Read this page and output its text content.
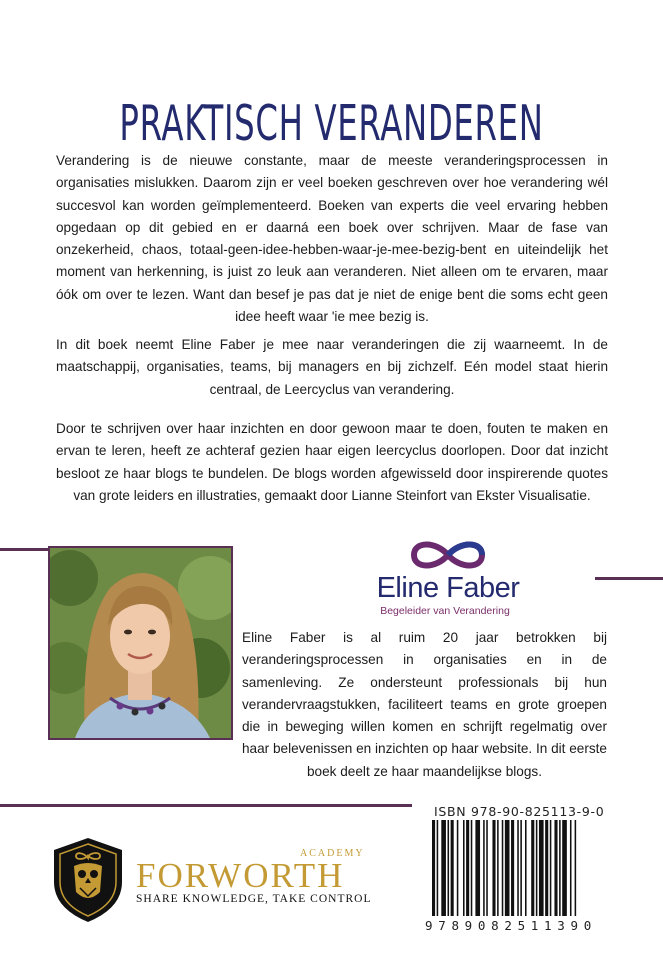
PRAKTISCH VERANDEREN

Verandering is de nieuwe constante, maar de meeste veranderingsprocessen in organisaties mislukken. Daarom zijn er veel boeken geschreven over hoe verandering wél succesvol kan worden geïmplementeerd. Boeken van experts die veel ervaring hebben opgedaan op dit gebied en er daarná een boek over schrijven. Maar de fase van onzekerheid, chaos, totaal-geen-idee-hebben-waar-je-mee-bezig-bent en uiteindelijk het moment van herkenning, is juist zo leuk aan veranderen. Niet alleen om te ervaren, maar óók om over te lezen. Want dan besef je pas dat je niet de enige bent die soms echt geen idee heeft waar 'ie mee bezig is.

In dit boek neemt Eline Faber je mee naar veranderingen die zij waarneemt. In de maatschappij, organisaties, teams, bij managers en bij zichzelf. Eén model staat hierin centraal, de Leercyclus van verandering.

Door te schrijven over haar inzichten en door gewoon maar te doen, fouten te maken en ervan te leren, heeft ze achteraf gezien haar eigen leercyclus doorlopen. Door dat inzicht besloot ze haar blogs te bundelen. De blogs worden afgewisseld door inspirerende quotes van grote leiders en illustraties, gemaakt door Lianne Steinfort van Ekster Visualisatie.

Eline Faber
Begeleider van Verandering

Eline Faber is al ruim 20 jaar betrokken bij veranderingsprocessen in organisaties en in de samenleving. Ze ondersteunt professionals bij hun verandervraagstukken, faciliteert teams en grote groepen die in beweging willen komen en schrijft regelmatig over haar belevenissen en inzichten op haar website. In dit eerste boek deelt ze haar maandelijkse blogs.

ISBN 978-90-825113-9-0
9789082511390
ACADEMY
FORWORTH
SHARE KNOWLEDGE, TAKE CONTROL
